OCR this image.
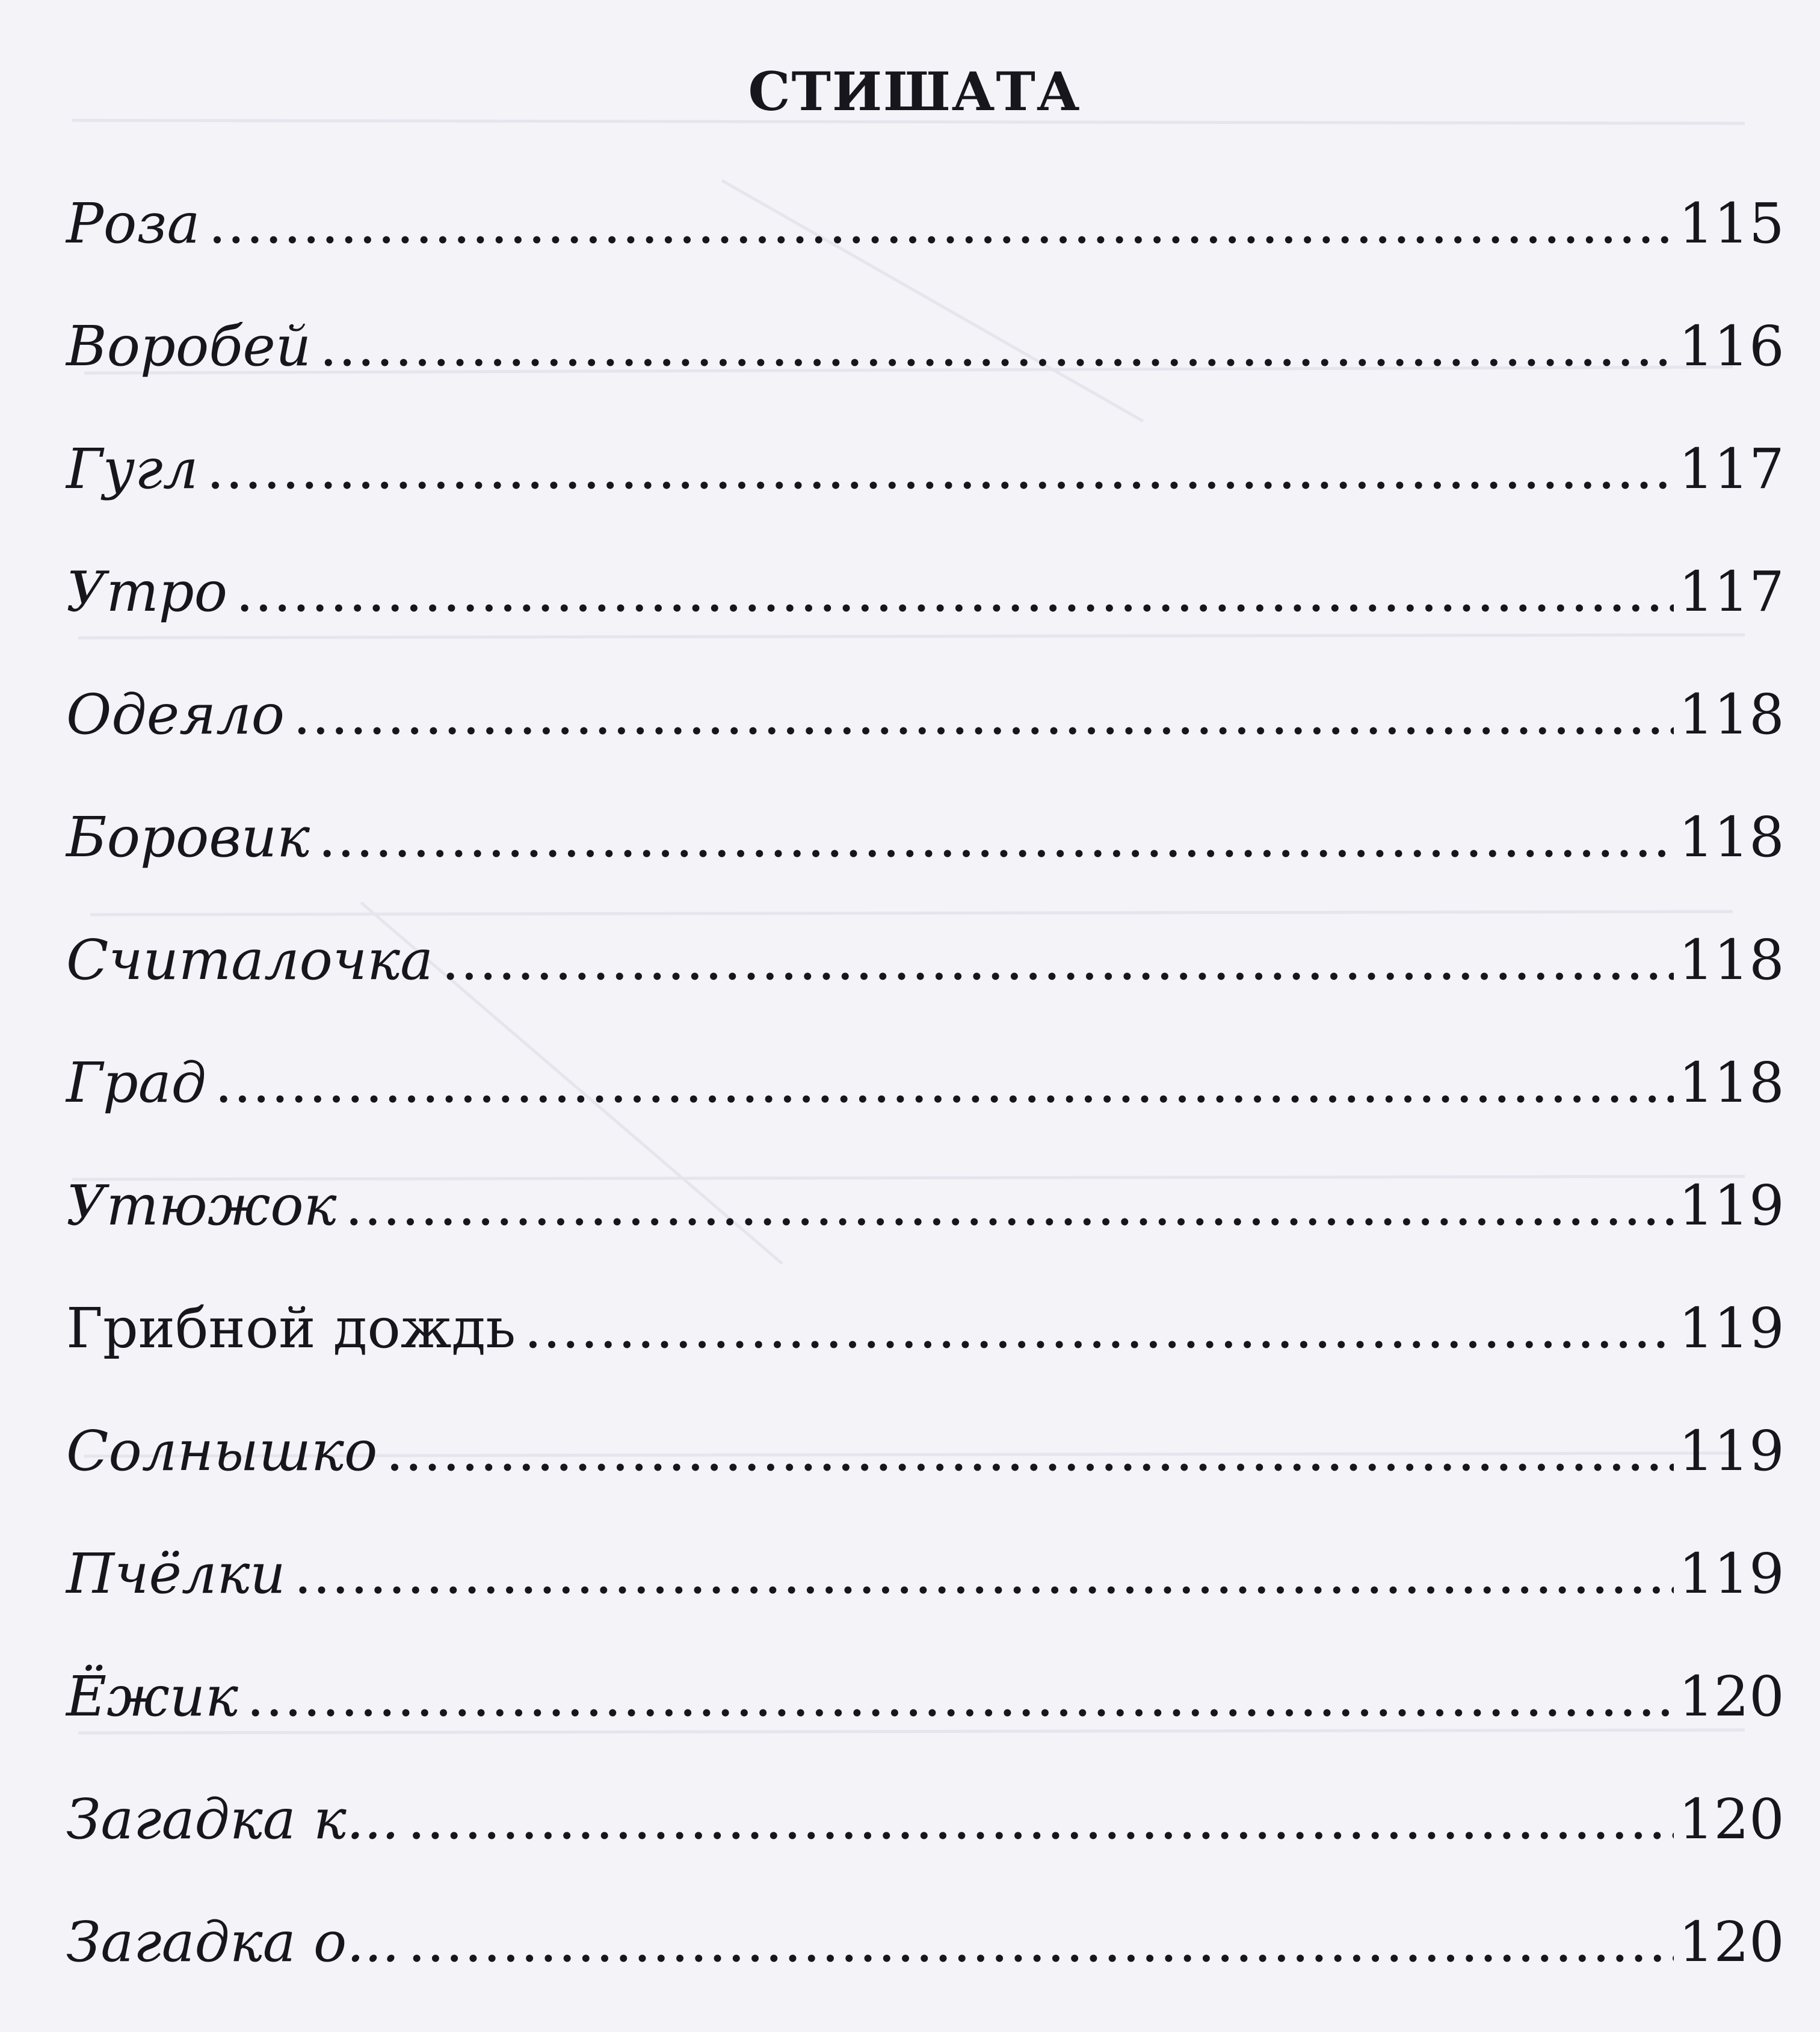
СТИШАТА
Роза .....	115
Воробей .....	116
Гугл .....	117
Утро .....	117
Одеяло .....	118
Боровик .....	118
Считалочка .....	118
Град .....	118
Утюжок .....	119
Грибной дождь .....	119
Солнышко .....	119
Пчёлки .....	119
Ёжик .....	120
Загадка к... .....	120
Загадка о... .....	120
